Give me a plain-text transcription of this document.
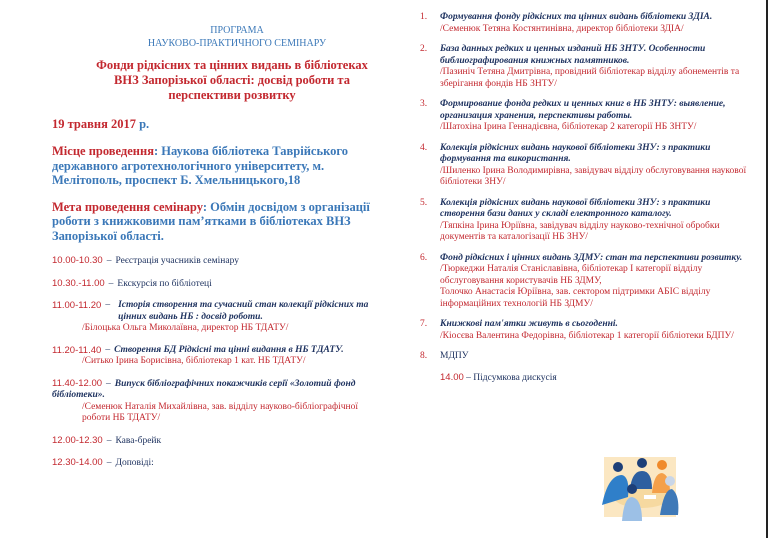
ПРОГРАМА
НАУКОВО-ПРАКТИЧНОГО СЕМІНАРУ
Фонди рідкісних та цінних видань в бібліотеках
ВНЗ Запорізької області: досвід роботи та
перспективи розвитку
19 травня 2017 р.
Місце проведення: Наукова бібліотека Таврійського державного агротехнологічного університету, м. Мелітополь, проспект Б. Хмельницького,18
Мета проведення семінару: Обмін досвідом з організації роботи з книжковими пам’ятками в бібліотеках ВНЗ Запорізької області.
10.00-10.30 – Реєстрація учасників семінару
10.30.-11.00 – Екскурсія по бібліотеці
11.00-11.20 – Історія створення та сучасний стан колекції рідкісних та цінних видань НБ : досвід роботи.
/Білоцька Ольга Миколаївна, директор НБ ТДАТУ/
11.20-11.40 – Створення БД Рідкісні та цінні видання в НБ ТДАТУ.
/Ситько Ірина Борисівна, бібліотекар 1 кат. НБ ТДАТУ/
11.40-12.00 – Випуск бібліографічних покажчиків серії «Золотий фонд бібліотеки».
/Семенюк Наталія Михайлівна, зав. відділу науково-бібліографічної роботи НБ ТДАТУ/
12.00-12.30 – Кава-брейк
12.30-14.00 – Доповіді:
1.	Формування фонду рідкісних та цінних видань бібліотеки ЗДІА.
/Семенюк Тетяна Костянтинівна, директор бібліотеки ЗДІА/
2.	База данных редких и ценных изданий НБ ЗНТУ. Особенности библиографирования книжных памятников.
/Пазиніч Тетяна Дмитрівна, провідний бібліотекар відділу абонементів та зберігання фондів НБ ЗНТУ/
3.	Формирование фонда редких и ценных книг в НБ ЗНТУ: выявление, организация хранения, перспективы работы.
/Шатохіна Ірина Геннадієвна, бібліотекар 2 категорії НБ ЗНТУ/
4.	Колекція рідкісних видань наукової бібліотеки ЗНУ: з практики формування та використання.
/Шиленко Ірина Володимирівна, завідувач відділу обслуговування наукової бібліотеки ЗНУ/
5.	Колекція рідкісних видань наукової бібліотеки ЗНУ: з практики створення бази даних у складі електронного каталогу.
/Тяпкіна Ірина Юріївна, завідувач відділу науково-технічної обробки документів та каталогізації НБ ЗНУ/
6.	Фонд рідкісних і цінних видань ЗДМУ: стан та перспективи розвитку.
/Тюркеджи Наталія Станіславівна, бібліотекар І категорії відділу обслуговування користувачів НБ ЗДМУ,
Толочко Анастасія Юріївна, зав. сектором підтримки АБІС відділу інформаційних технологій НБ ЗДМУ/
7.	Книжкові пам'ятки живуть в сьогоденні.
/Кіосєва Валентина Федорівна, бібліотекар 1 категорії бібліотеки БДПУ/
8.	МДПУ
14.00 – Підсумкова дискусія
